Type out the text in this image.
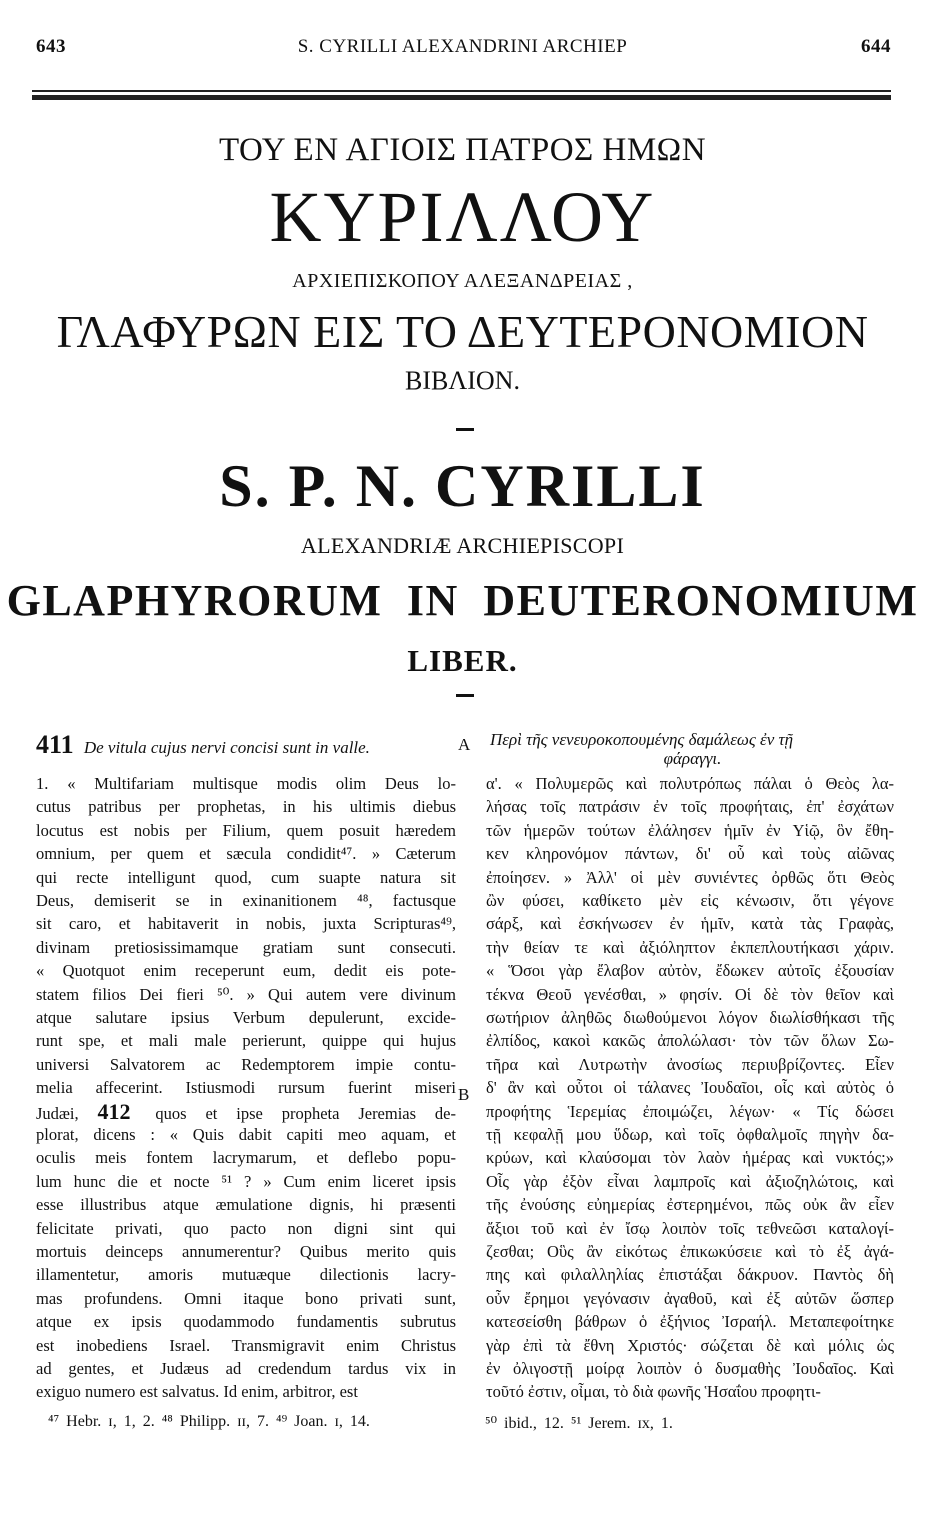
643	S. CYRILLI ALEXANDRINI ARCHIEP	644
ΤΟΥ ΕΝ ΑΓΙΟΙΣ ΠΑΤΡΟΣ ΗΜΩΝ
ΚΥΡΙΛΛΟΥ
ΑΡΧΙΕΠΙΣΚΟΠΟΥ ΑΛΕΞΑΝΔΡΕΙΑΣ ,
ΓΛΑΦΥΡΩΝ ΕΙΣ ΤΟ ΔΕΥΤΕΡΟΝΟΜΙΟΝ
ΒΙΒΛΙΟΝ.
S. P. N. CYRILLI
ALEXANDRIÆ ARCHIEPISCOPI
GLAPHYRORUM IN DEUTERONOMIUM
LIBER.
411 De vitula cujus nervi concisi sunt in valle.	A Περὶ τῆς νενευροκοπουμένης δαμάλεως ἐν τῇ
φάραγγι.
B
1. « Multifariam multisque modis olim Deus lo-
cutus patribus per prophetas, in his ultimis diebus
locutus est nobis per Filium, quem posuit hæredem
omnium, per quem et sæcula condidit⁴⁷. » Cæterum
qui recte intelligunt quod, cum suapte natura sit
Deus, demiserit se in exinanitionem ⁴⁸, factusque
sit caro, et habitaverit in nobis, juxta Scripturas⁴⁹,
divinam pretiosissimamque gratiam sunt consecuti.
« Quotquot enim receperunt eum, dedit eis pote-
statem filios Dei fieri ⁵⁰. » Qui autem vere divinum
atque salutare ipsius Verbum depulerunt, excide-
runt spe, et mali male perierunt, quippe qui hujus
universi Salvatorem ac Redemptorem impie contu-
melia affecerint. Istiusmodi rursum fuerint miseri
Judæi, 412 quos et ipse propheta Jeremias de-
plorat, dicens : « Quis dabit capiti meo aquam, et
oculis meis fontem lacrymarum, et deflebo popu-
lum hunc die et nocte ⁵¹ ? » Cum enim liceret ipsis
esse illustribus atque æmulatione dignis, hi præsenti
felicitate privati, quo pacto non digni sint qui
mortuis deinceps annumerentur? Quibus merito quis
illamentetur, amoris mutuæque dilectionis lacry-
mas profundens. Omni itaque bono privati sunt,
atque ex ipsis quodammodo fundamentis subrutus
est inobediens Israel. Transmigravit enim Christus
ad gentes, et Judæus ad credendum tardus vix in
exiguo numero est salvatus. Id enim, arbitror, est
α'. « Πολυμερῶς καὶ πολυτρόπως πάλαι ὁ Θεὸς λα-
λήσας τοῖς πατράσιν ἐν τοῖς προφήταις, ἐπ' ἐσχάτων
τῶν ἡμερῶν τούτων ἐλάλησεν ἡμῖν ἐν Υἱῷ, ὃν ἔθη-
κεν κληρονόμον πάντων, δι' οὗ καὶ τοὺς αἰῶνας
ἐποίησεν. » Ἀλλ' οἱ μὲν συνιέντες ὀρθῶς ὅτι Θεὸς
ὢν φύσει, καθίκετο μὲν εἰς κένωσιν, ὅτι γέγονε
σάρξ, καὶ ἐσκήνωσεν ἐν ἡμῖν, κατὰ τὰς Γραφὰς,
τὴν θείαν τε καὶ ἀξιόληπτον ἐκπεπλουτήκασι χάριν.
« Ὅσοι γὰρ ἔλαβον αὐτὸν, ἔδωκεν αὐτοῖς ἐξουσίαν
τέκνα Θεοῦ γενέσθαι, » φησίν. Οἱ δὲ τὸν θεῖον καὶ
σωτήριον ἀληθῶς διωθούμενοι λόγον διωλίσθήκασι τῆς
ἐλπίδος, κακοὶ κακῶς ἀπολώλασι· τὸν τῶν ὅλων Σω-
τῆρα καὶ Λυτρωτὴν ἀνοσίως περιυβρίζοντες. Εἶεν
δ' ἂν καὶ οὗτοι οἱ τάλανες Ἰουδαῖοι, οἷς καὶ αὐτὸς ὁ
προφήτης Ἱερεμίας ἐποιμώζει, λέγων· « Τίς δώσει
τῇ κεφαλῇ μου ὕδωρ, καὶ τοῖς ὀφθαλμοῖς πηγὴν δα-
κρύων, καὶ κλαύσομαι τὸν λαὸν ἡμέρας καὶ νυκτός;»
Οἷς γὰρ ἐξὸν εἶναι λαμπροῖς καὶ ἀξιοζηλώτοις, καὶ
τῆς ἐνούσης εὐημερίας ἐστερημένοι, πῶς οὐκ ἂν εἶεν
ἄξιοι τοῦ καὶ ἐν ἴσῳ λοιπὸν τοῖς τεθνεῶσι καταλογί-
ζεσθαι; Οὓς ἂν εἰκότως ἐπικωκύσειε καὶ τὸ ἐξ ἀγά-
πης καὶ φιλαλληλίας ἐπιστάξαι δάκρυον. Παντὸς δὴ
οὖν ἔρημοι γεγόνασιν ἀγαθοῦ, καὶ ἐξ αὐτῶν ὥσπερ
κατεσείσθη βάθρων ὁ ἐξήνιος Ἰσραήλ. Μεταπεφοίτηκε
γὰρ ἐπὶ τὰ ἔθνη Χριστός· σώζεται δὲ καὶ μόλις ὡς
ἐν ὀλιγοστῇ μοίρᾳ λοιπὸν ὁ δυσμαθὴς Ἰουδαῖος. Καὶ
τοῦτό ἐστιν, οἶμαι, τὸ διὰ φωνῆς Ἡσαΐου προφητι-
⁴⁷ Hebr. ɪ, 1, 2. ⁴⁸ Philipp. ɪɪ, 7. ⁴⁹ Joan. ɪ, 14.	⁵⁰ ibid., 12. ⁵¹ Jerem. ɪx, 1.
